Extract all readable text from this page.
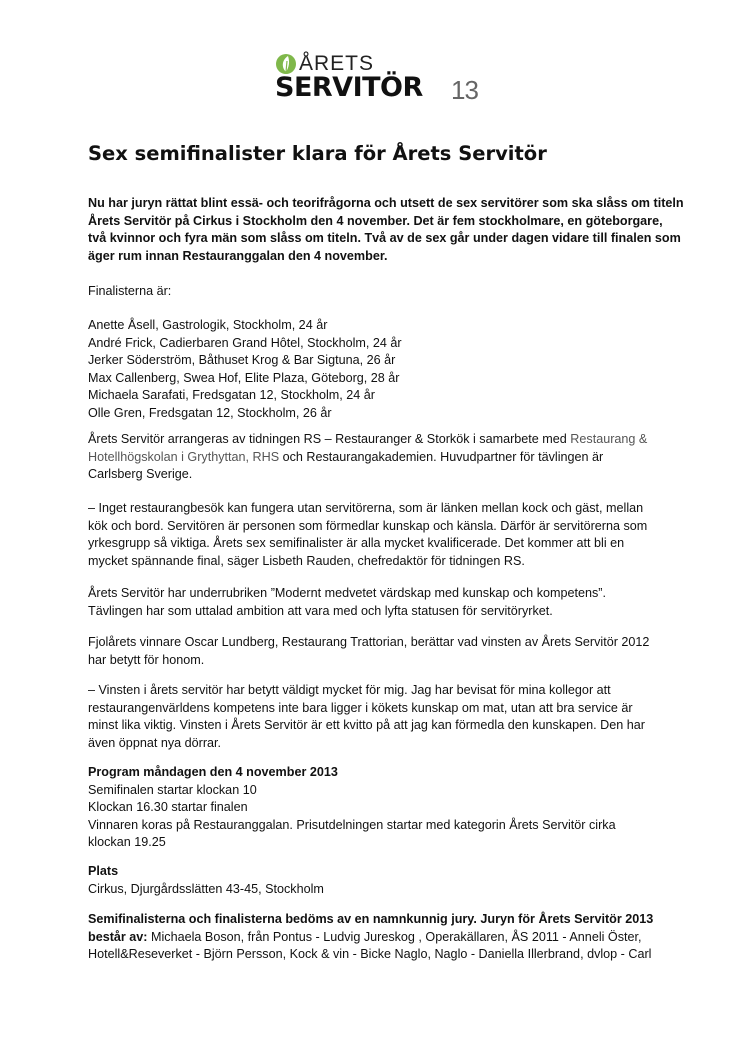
ÅRETS
SERVITÖR 13
Sex semifinalister klara för Årets Servitör
Nu har juryn rättat blint essä- och teorifrågorna och utsett de sex servitörer som ska slåss om titeln
Årets Servitör på Cirkus i Stockholm den 4 november. Det är fem stockholmare, en göteborgare,
två kvinnor och fyra män som slåss om titeln. Två av de sex går under dagen vidare till finalen som
äger rum innan Restauranggalan den 4 november.
Finalisterna är:
Anette Åsell, Gastrologik, Stockholm, 24 år
André Frick, Cadierbaren Grand Hôtel, Stockholm, 24 år
Jerker Söderström, Båthuset Krog & Bar Sigtuna, 26 år
Max Callenberg, Swea Hof, Elite Plaza, Göteborg, 28 år
Michaela Sarafati, Fredsgatan 12, Stockholm, 24 år
Olle Gren, Fredsgatan 12, Stockholm, 26 år
Årets Servitör arrangeras av tidningen RS – Restauranger & Storkök i samarbete med Restaurang &
Hotellhögskolan i Grythyttan, RHS och Restaurangakademien. Huvudpartner för tävlingen är
Carlsberg Sverige.
– Inget restaurangbesök kan fungera utan servitörerna, som är länken mellan kock och gäst, mellan
kök och bord. Servitören är personen som förmedlar kunskap och känsla. Därför är servitörerna som
yrkesgrupp så viktiga. Årets sex semifinalister är alla mycket kvalificerade. Det kommer att bli en
mycket spännande final, säger Lisbeth Rauden, chefredaktör för tidningen RS.
Årets Servitör har underrubriken ”Modernt medvetet värdskap med kunskap och kompetens”.
Tävlingen har som uttalad ambition att vara med och lyfta statusen för servitöryrket.
Fjolårets vinnare Oscar Lundberg, Restaurang Trattorian, berättar vad vinsten av Årets Servitör 2012
har betytt för honom.
– Vinsten i årets servitör har betytt väldigt mycket för mig. Jag har bevisat för mina kollegor att
restaurangenvärldens kompetens inte bara ligger i kökets kunskap om mat, utan att bra service är
minst lika viktig. Vinsten i Årets Servitör är ett kvitto på att jag kan förmedla den kunskapen. Den har
även öppnat nya dörrar.
Program måndagen den 4 november 2013
Semifinalen startar klockan 10
Klockan 16.30 startar finalen
Vinnaren koras på Restauranggalan. Prisutdelningen startar med kategorin Årets Servitör cirka
klockan 19.25
Plats
Cirkus, Djurgårdsslätten 43-45, Stockholm
Semifinalisterna och finalisterna bedöms av en namnkunnig jury. Juryn för Årets Servitör 2013
består av: Michaela Boson, från Pontus - Ludvig Jureskog , Operakällaren, ÅS 2011 - Anneli Öster,
Hotell&Reseverket - Björn Persson, Kock & vin - Bicke Naglo, Naglo - Daniella Illerbrand, dvlop - Carl
